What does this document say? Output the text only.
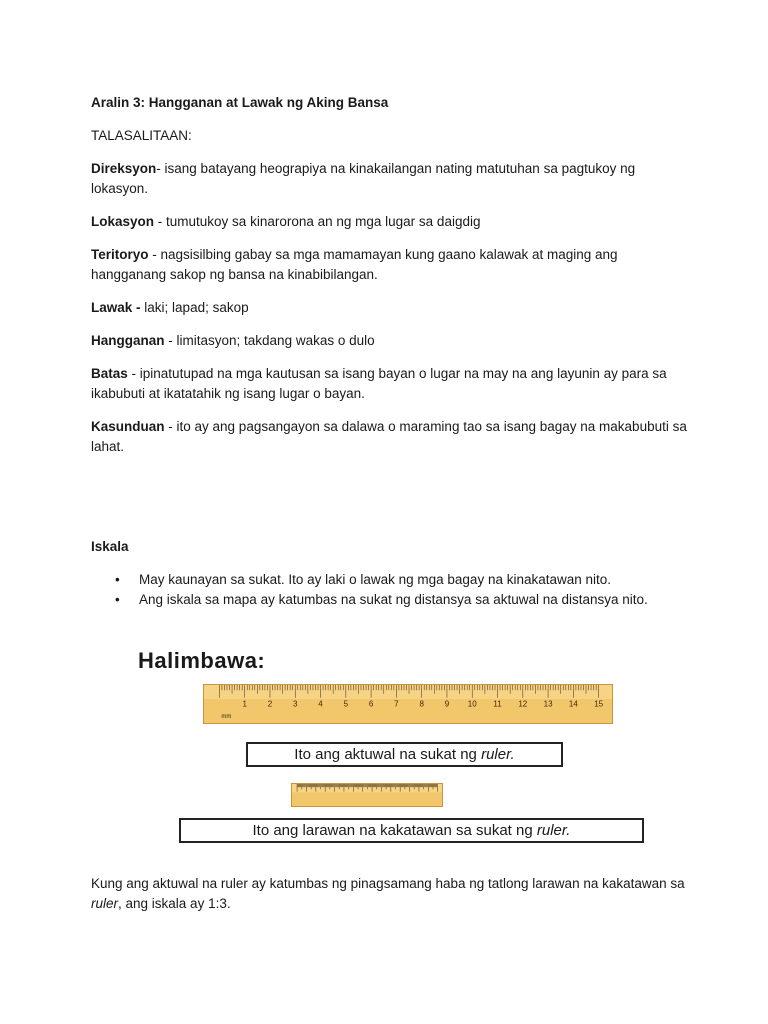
Aralin 3: Hangganan at Lawak ng Aking Bansa

TALASALITAAN:

Direksyon- isang batayang heograpiya na kinakailangan nating matutuhan sa pagtukoy ng lokasyon.

Lokasyon - tumutukoy sa kinarorona an ng mga lugar sa daigdig

Teritoryo - nagsisilbing gabay sa mga mamamayan kung gaano kalawak at maging ang hangganang sakop ng bansa na kinabibilangan.

Lawak - laki; lapad; sakop

Hangganan - limitasyon; takdang wakas o dulo

Batas - ipinatutupad na mga kautusan sa isang bayan o lugar na may na ang layunin ay para sa ikabubuti at ikatatahik ng isang lugar o bayan.

Kasunduan - ito ay ang pagsangayon sa dalawa o maraming tao sa isang bagay na makabubuti sa lahat.

Iskala

• May kaunayan sa sukat. Ito ay laki o lawak ng mga bagay na kinakatawan nito.
• Ang iskala sa mapa ay katumbas na sukat ng distansya sa aktuwal na distansya nito.
Halimbawa:
1	2	3	4	5	6	7	8	9 10 11 12 13 14 15
mm
Ito ang aktuwal na sukat ng
ruler.
Ito ang larawan na kakatawan sa sukat ng
ruler.

Kung ang aktuwal na ruler ay katumbas ng pinagsamang haba ng tatlong larawan na kakatawan sa ruler, ang iskala ay 1:3.
